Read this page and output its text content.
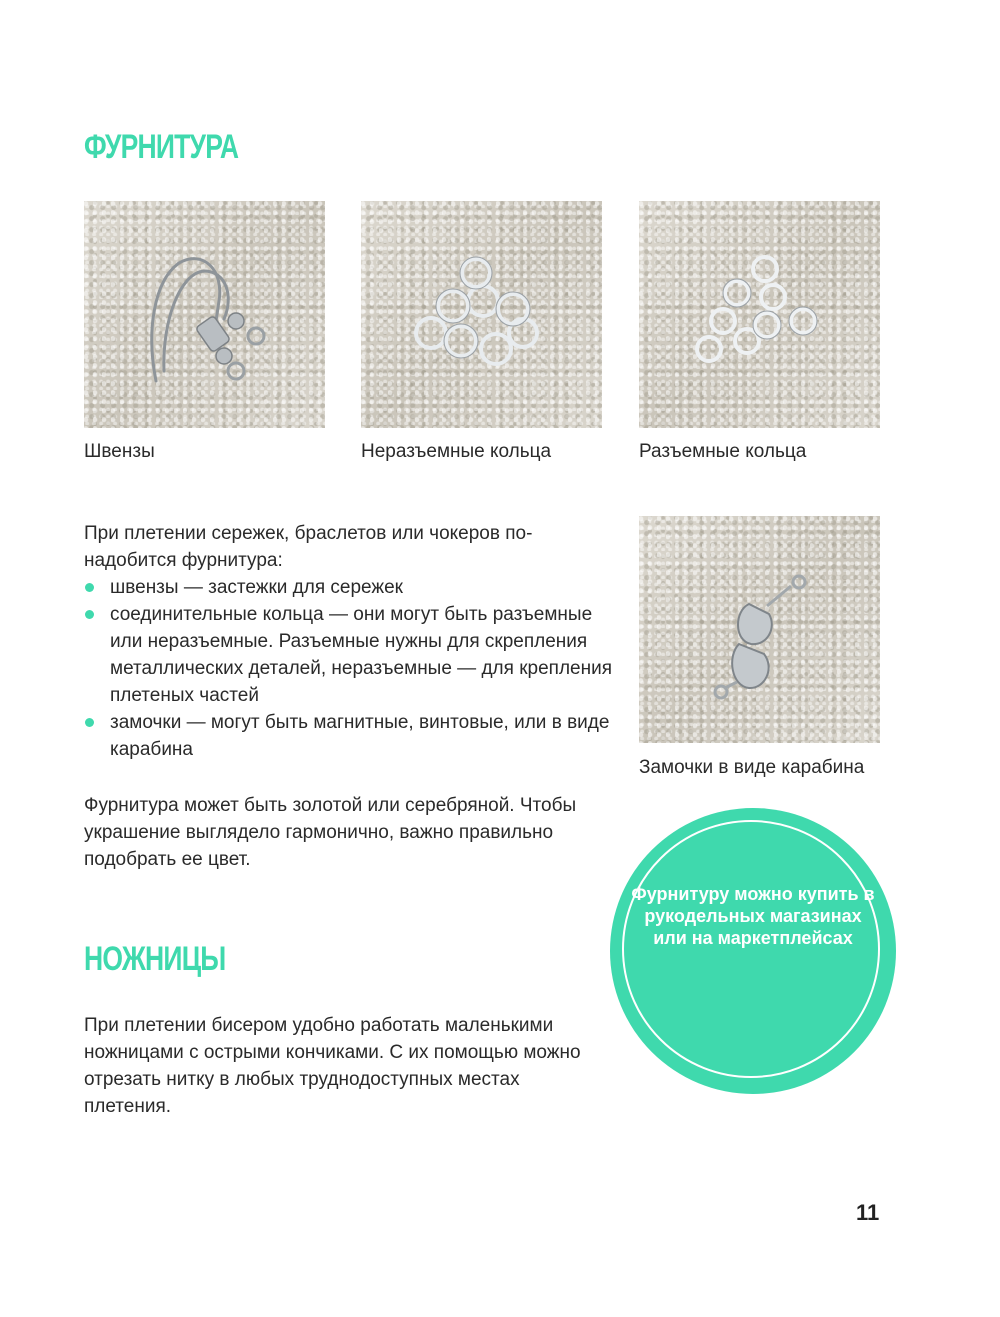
ФУРНИТУРА

Швензы	Неразъемные кольца	Разъемные кольца

При плетении сережек, браслетов или чокеров понадобится фурнитура:

швензы — застежки для сережек
соединительные кольца — они могут быть разъемные или неразъемные. Разъемные нужны для скрепления металлических деталей, неразъемные — для крепления плетеных частей
замочки — могут быть магнитные, винтовые, или в виде карабина

Замочки в виде карабина

Фурнитура может быть золотой или серебряной. Чтобы украшение выглядело гармонично, важно правильно подобрать ее цвет.

Фурнитуру можно купить в рукодельных магазинах или на маркетплейсах

НОЖНИЦЫ

При плетении бисером удобно работать маленькими ножницами с острыми кончиками. С их помощью можно отрезать нитку в любых труднодоступных местах плетения.

11
